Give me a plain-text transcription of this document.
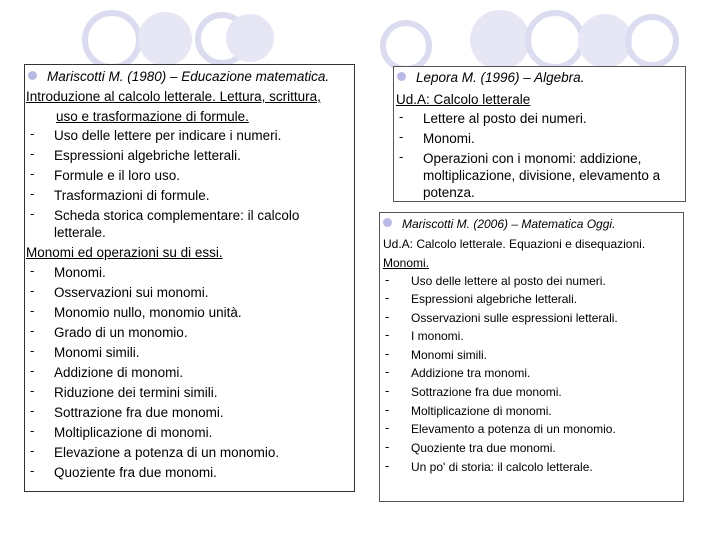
Mariscotti M. (1980) – Educazione matematica.
Introduzione al calcolo letterale. Lettura, scrittura,
uso e trasformazione di formule.
- Uso delle lettere per indicare i numeri.
- Espressioni algebriche letterali.
- Formule e il loro uso.
- Trasformazioni di formule.
- Scheda storica complementare: il calcolo
letterale.
Monomi ed operazioni su di essi.
- Monomi.
- Osservazioni sui monomi.
- Monomio nullo, monomio unità.
- Grado di un monomio.
- Monomi simili.
- Addizione di monomi.
- Riduzione dei termini simili.
- Sottrazione fra due monomi.
- Moltiplicazione di monomi.
- Elevazione a potenza di un monomio.
- Quoziente fra due monomi.
Lepora M. (1996) – Algebra.
Ud.A: Calcolo letterale
- Lettere al posto dei numeri.
- Monomi.
- Operazioni con i monomi: addizione,
moltiplicazione, divisione, elevamento a
potenza.
Mariscotti M. (2006) – Matematica Oggi.
Ud.A: Calcolo letterale. Equazioni e disequazioni.
Monomi.
- Uso delle lettere al posto dei numeri.
- Espressioni algebriche letterali.
- Osservazioni sulle espressioni letterali.
- I monomi.
- Monomi simili.
- Addizione tra monomi.
- Sottrazione fra due monomi.
- Moltiplicazione di monomi.
- Elevamento a potenza di un monomio.
- Quoziente tra due monomi.
- Un po' di storia: il calcolo letterale.
